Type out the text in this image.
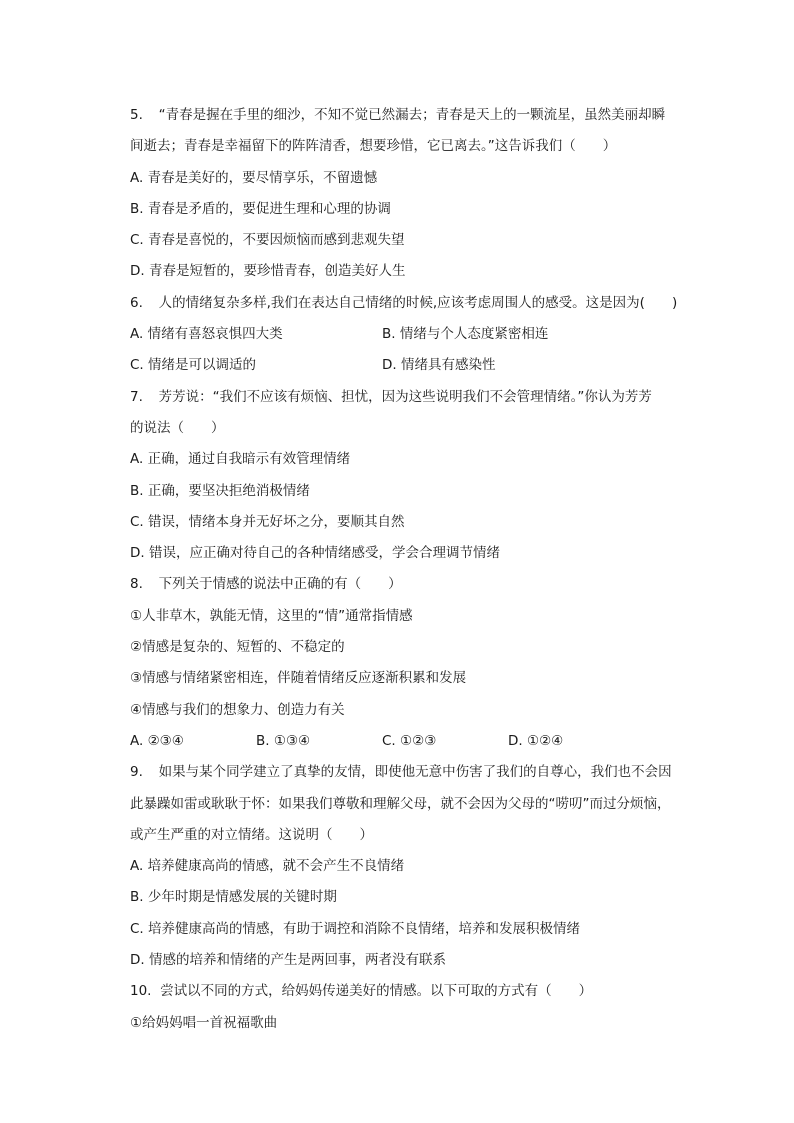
5. “青春是握在手里的细沙，不知不觉已然漏去；青春是天上的一颗流星，虽然美丽却瞬
间逝去；青春是幸福留下的阵阵清香，想要珍惜，它已离去。”这告诉我们（　　）
A. 青春是美好的，要尽情享乐，不留遗憾
B. 青春是矛盾的，要促进生理和心理的协调
C. 青春是喜悦的，不要因烦恼而感到悲观失望
D. 青春是短暂的，要珍惜青春，创造美好人生
6. 人的情绪复杂多样,我们在表达自己情绪的时候,应该考虑周围人的感受。这是因为(　　)
A. 情绪有喜怒哀惧四大类	B. 情绪与个人态度紧密相连
C. 情绪是可以调适的	D. 情绪具有感染性
7. 芳芳说：“我们不应该有烦恼、担忧，因为这些说明我们不会管理情绪。”你认为芳芳
的说法（　　）
A. 正确，通过自我暗示有效管理情绪
B. 正确，要坚决拒绝消极情绪
C. 错误，情绪本身并无好坏之分，要顺其自然
D. 错误，应正确对待自己的各种情绪感受，学会合理调节情绪
8. 下列关于情感的说法中正确的有（　　）
①人非草木，孰能无情，这里的“情”通常指情感
②情感是复杂的、短暂的、不稳定的
③情感与情绪紧密相连，伴随着情绪反应逐渐积累和发展
④情感与我们的想象力、创造力有关
A. ②③④	B. ①③④	C. ①②③	D. ①②④
9. 如果与某个同学建立了真挚的友情，即使他无意中伤害了我们的自尊心，我们也不会因
此暴躁如雷或耿耿于怀：如果我们尊敬和理解父母，就不会因为父母的“唠叨”而过分烦恼，
或产生严重的对立情绪。这说明（　　）
A. 培养健康高尚的情感，就不会产生不良情绪
B. 少年时期是情感发展的关键时期
C. 培养健康高尚的情感，有助于调控和消除不良情绪，培养和发展积极情绪
D. 情感的培养和情绪的产生是两回事，两者没有联系
10. 尝试以不同的方式，给妈妈传递美好的情感。以下可取的方式有（　　）
①给妈妈唱一首祝福歌曲
